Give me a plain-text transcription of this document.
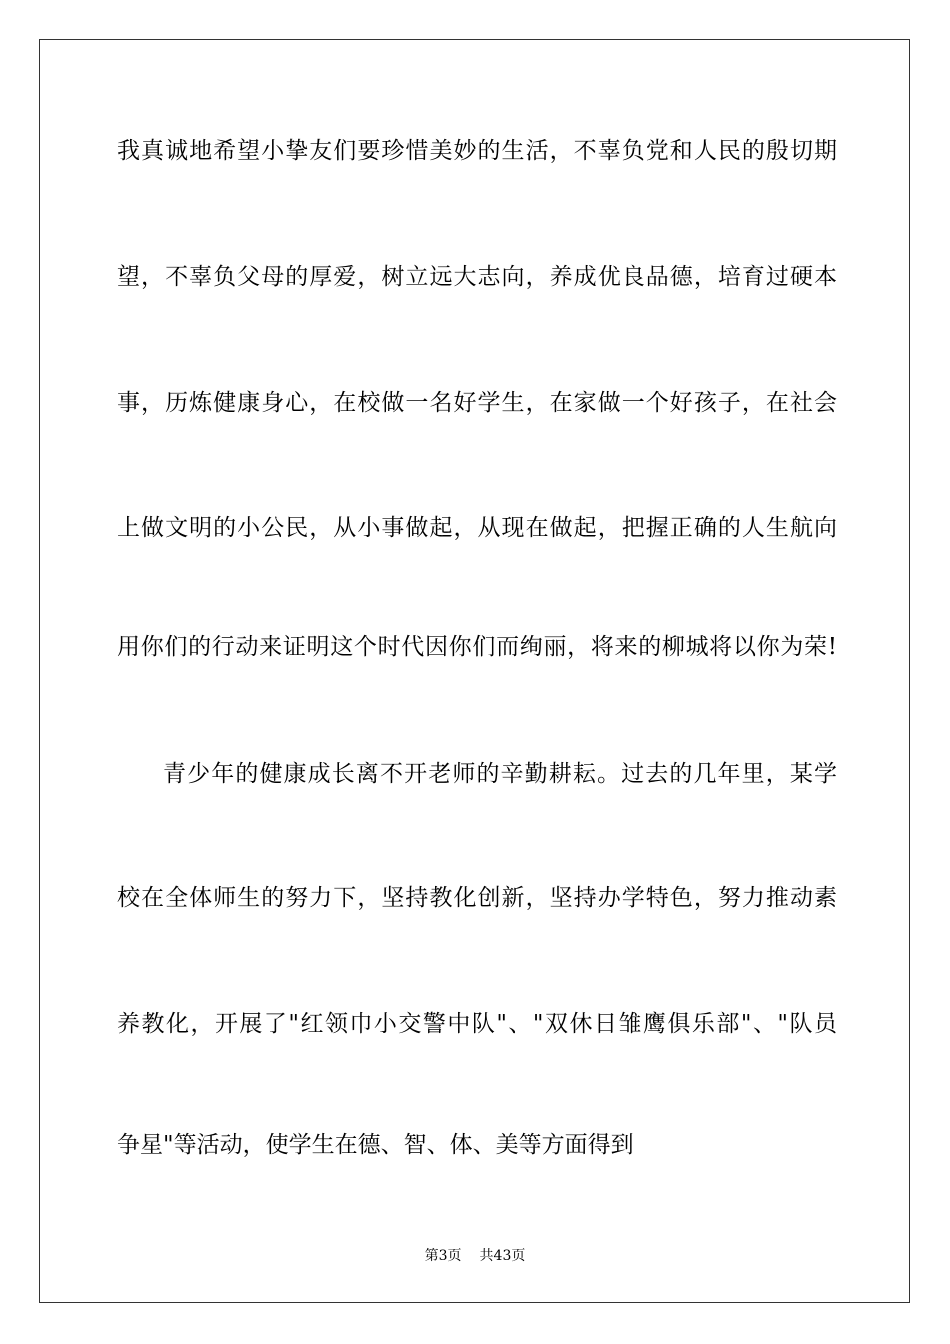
我真诚地希望小挚友们要珍惜美妙的生活，不辜负党和人民的殷切期
望，不辜负父母的厚爱，树立远大志向，养成优良品德，培育过硬本
事，历炼健康身心，在校做一名好学生，在家做一个好孩子，在社会
上做文明的小公民，从小事做起，从现在做起，把握正确的人生航向
用你们的行动来证明这个时代因你们而绚丽，将来的柳城将以你为荣!
青少年的健康成长离不开老师的辛勤耕耘。过去的几年里，某学
校在全体师生的努力下，坚持教化创新，坚持办学特色，努力推动素
养教化，开展了"红领巾小交警中队"、"双休日雏鹰俱乐部"、"队员
争星"等活动，使学生在德、智、体、美等方面得到
第3页 共43页
